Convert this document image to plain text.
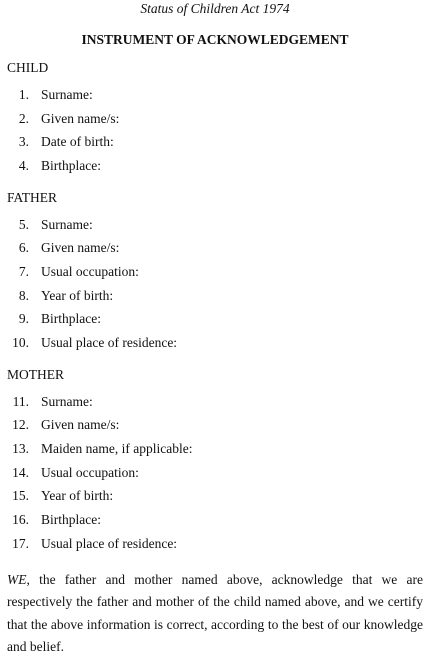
Status of Children Act 1974
INSTRUMENT OF ACKNOWLEDGEMENT
CHILD
1. Surname:
2. Given name/s:
3. Date of birth:
4. Birthplace:
FATHER
5. Surname:
6. Given name/s:
7. Usual occupation:
8. Year of birth:
9. Birthplace:
10. Usual place of residence:
MOTHER
11. Surname:
12. Given name/s:
13. Maiden name, if applicable:
14. Usual occupation:
15. Year of birth:
16. Birthplace:
17. Usual place of residence:

WE, the father and mother named above, acknowledge that we are respectively the father and mother of the child named above, and we certify that the above information is correct, according to the best of our knowledge and belief.
